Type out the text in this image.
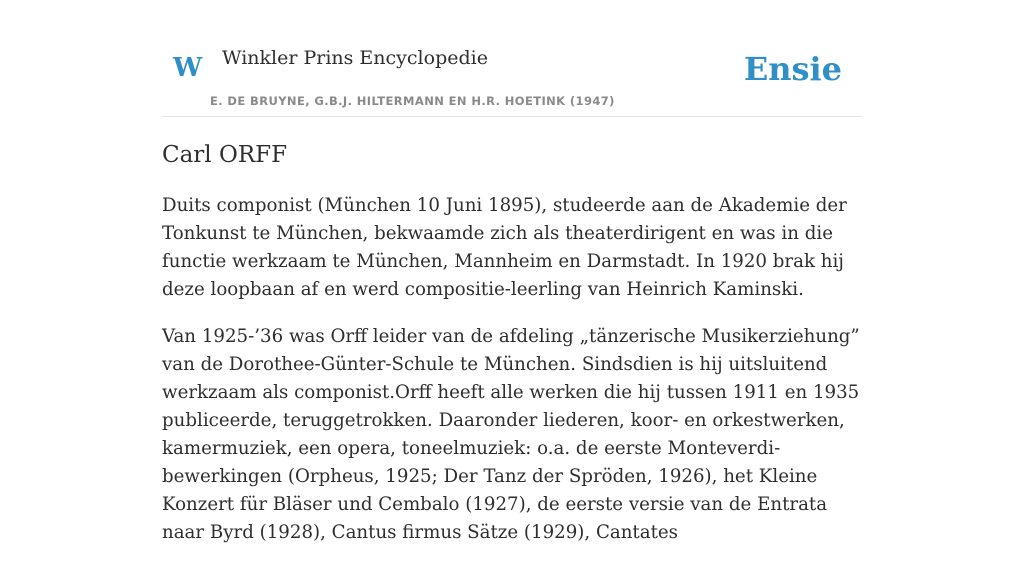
W Winkler Prins Encyclopedie
E. DE BRUYNE, G.B.J. HILTERMANN EN H.R. HOETINK (1947)
Ensie
Carl ORFF

Duits componist (München 10 Juni 1895), studeerde aan de Akademie der Tonkunst te München, bekwaamde zich als theaterdirigent en was in die functie werkzaam te München, Mannheim en Darmstadt. In 1920 brak hij deze loopbaan af en werd compositie-leerling van Heinrich Kaminski.

Van 1925-’36 was Orff leider van de afdeling „tänzerische Musikerziehung” van de Dorothee-Günter-Schule te München. Sindsdien is hij uitsluitend werkzaam als componist.Orff heeft alle werken die hij tussen 1911 en 1935 publiceerde, teruggetrokken. Daaronder liederen, koor- en orkestwerken, kamermuziek, een opera, toneelmuziek: o.a. de eerste Monteverdi-bewerkingen (Orpheus, 1925; Der Tanz der Spröden, 1926), het Kleine Konzert für Bläser und Cembalo (1927), de eerste versie van de Entrata naar Byrd (1928), Cantus firmus Sätze (1929), Cantates
